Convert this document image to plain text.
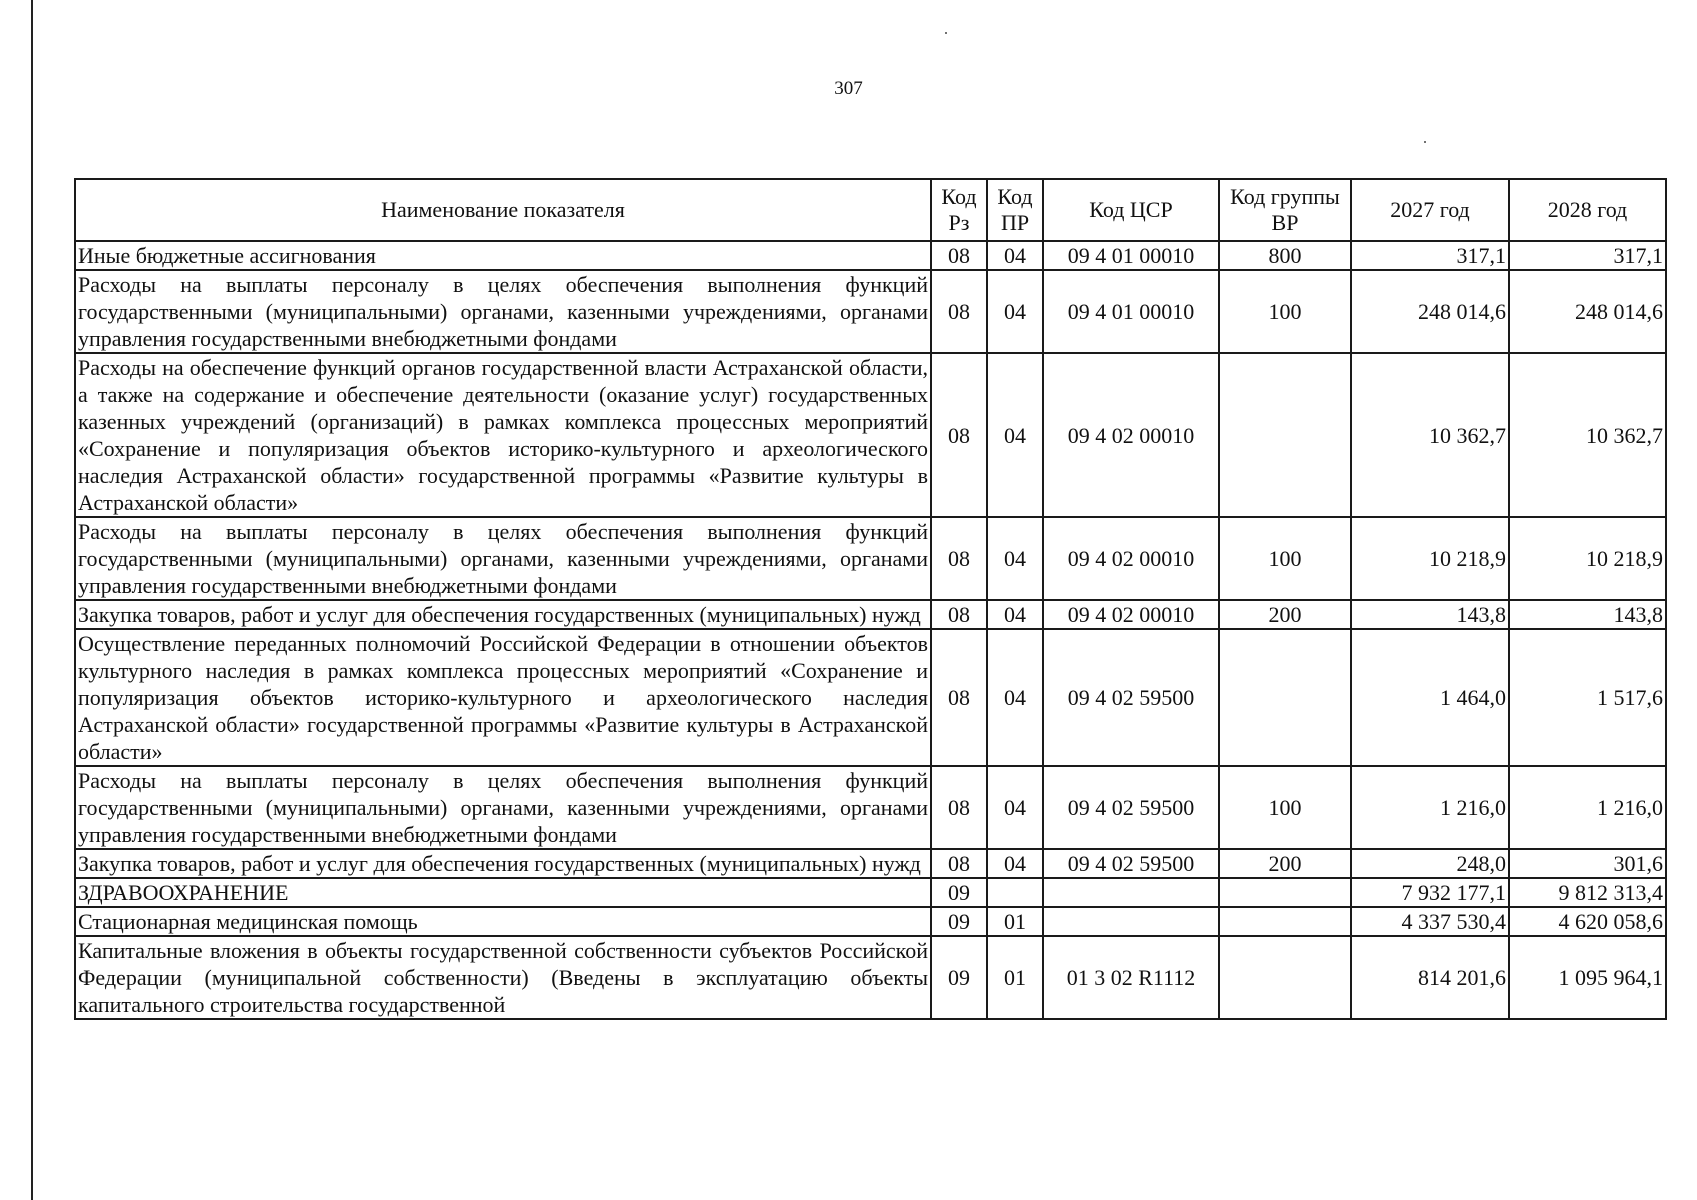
307
Наименование показателя	Код Рз	Код ПР	Код ЦСР	Код группы ВР	2027 год	2028 год
Иные бюджетные ассигнования	08	04	09 4 01 00010	800	317,1	317,1
Расходы на выплаты персоналу в целях обеспечения выполнения функций государственными (муниципальными) органами, казенными учреждениями, органами управления государственными внебюджетными фондами	08	04	09 4 01 00010	100	248 014,6	248 014,6
Расходы на обеспечение функций органов государственной власти Астраханской области, а также на содержание и обеспечение деятельности (оказание услуг) государственных казенных учреждений (организаций) в рамках комплекса процессных мероприятий «Сохранение и популяризация объектов историко-культурного и археологического наследия Астраханской области» государственной программы «Развитие культуры в Астраханской области»	08	04	09 4 02 00010		10 362,7	10 362,7
Расходы на выплаты персоналу в целях обеспечения выполнения функций государственными (муниципальными) органами, казенными учреждениями, органами управления государственными внебюджетными фондами	08	04	09 4 02 00010	100	10 218,9	10 218,9
Закупка товаров, работ и услуг для обеспечения государственных (муниципальных) нужд	08	04	09 4 02 00010	200	143,8	143,8
Осуществление переданных полномочий Российской Федерации в отношении объектов культурного наследия в рамках комплекса процессных мероприятий «Сохранение и популяризация объектов историко-культурного и археологического наследия Астраханской области» государственной программы «Развитие культуры в Астраханской области»	08	04	09 4 02 59500		1 464,0	1 517,6
Расходы на выплаты персоналу в целях обеспечения выполнения функций государственными (муниципальными) органами, казенными учреждениями, органами управления государственными внебюджетными фондами	08	04	09 4 02 59500	100	1 216,0	1 216,0
Закупка товаров, работ и услуг для обеспечения государственных (муниципальных) нужд	08	04	09 4 02 59500	200	248,0	301,6
ЗДРАВООХРАНЕНИЕ	09				7 932 177,1	9 812 313,4
Стационарная медицинская помощь	09	01			4 337 530,4	4 620 058,6
Капитальные вложения в объекты государственной собственности субъектов Российской Федерации (муниципальной собственности) (Введены в эксплуатацию объекты капитального строительства государственной	09	01	01 3 02 R1112		814 201,6	1 095 964,1
